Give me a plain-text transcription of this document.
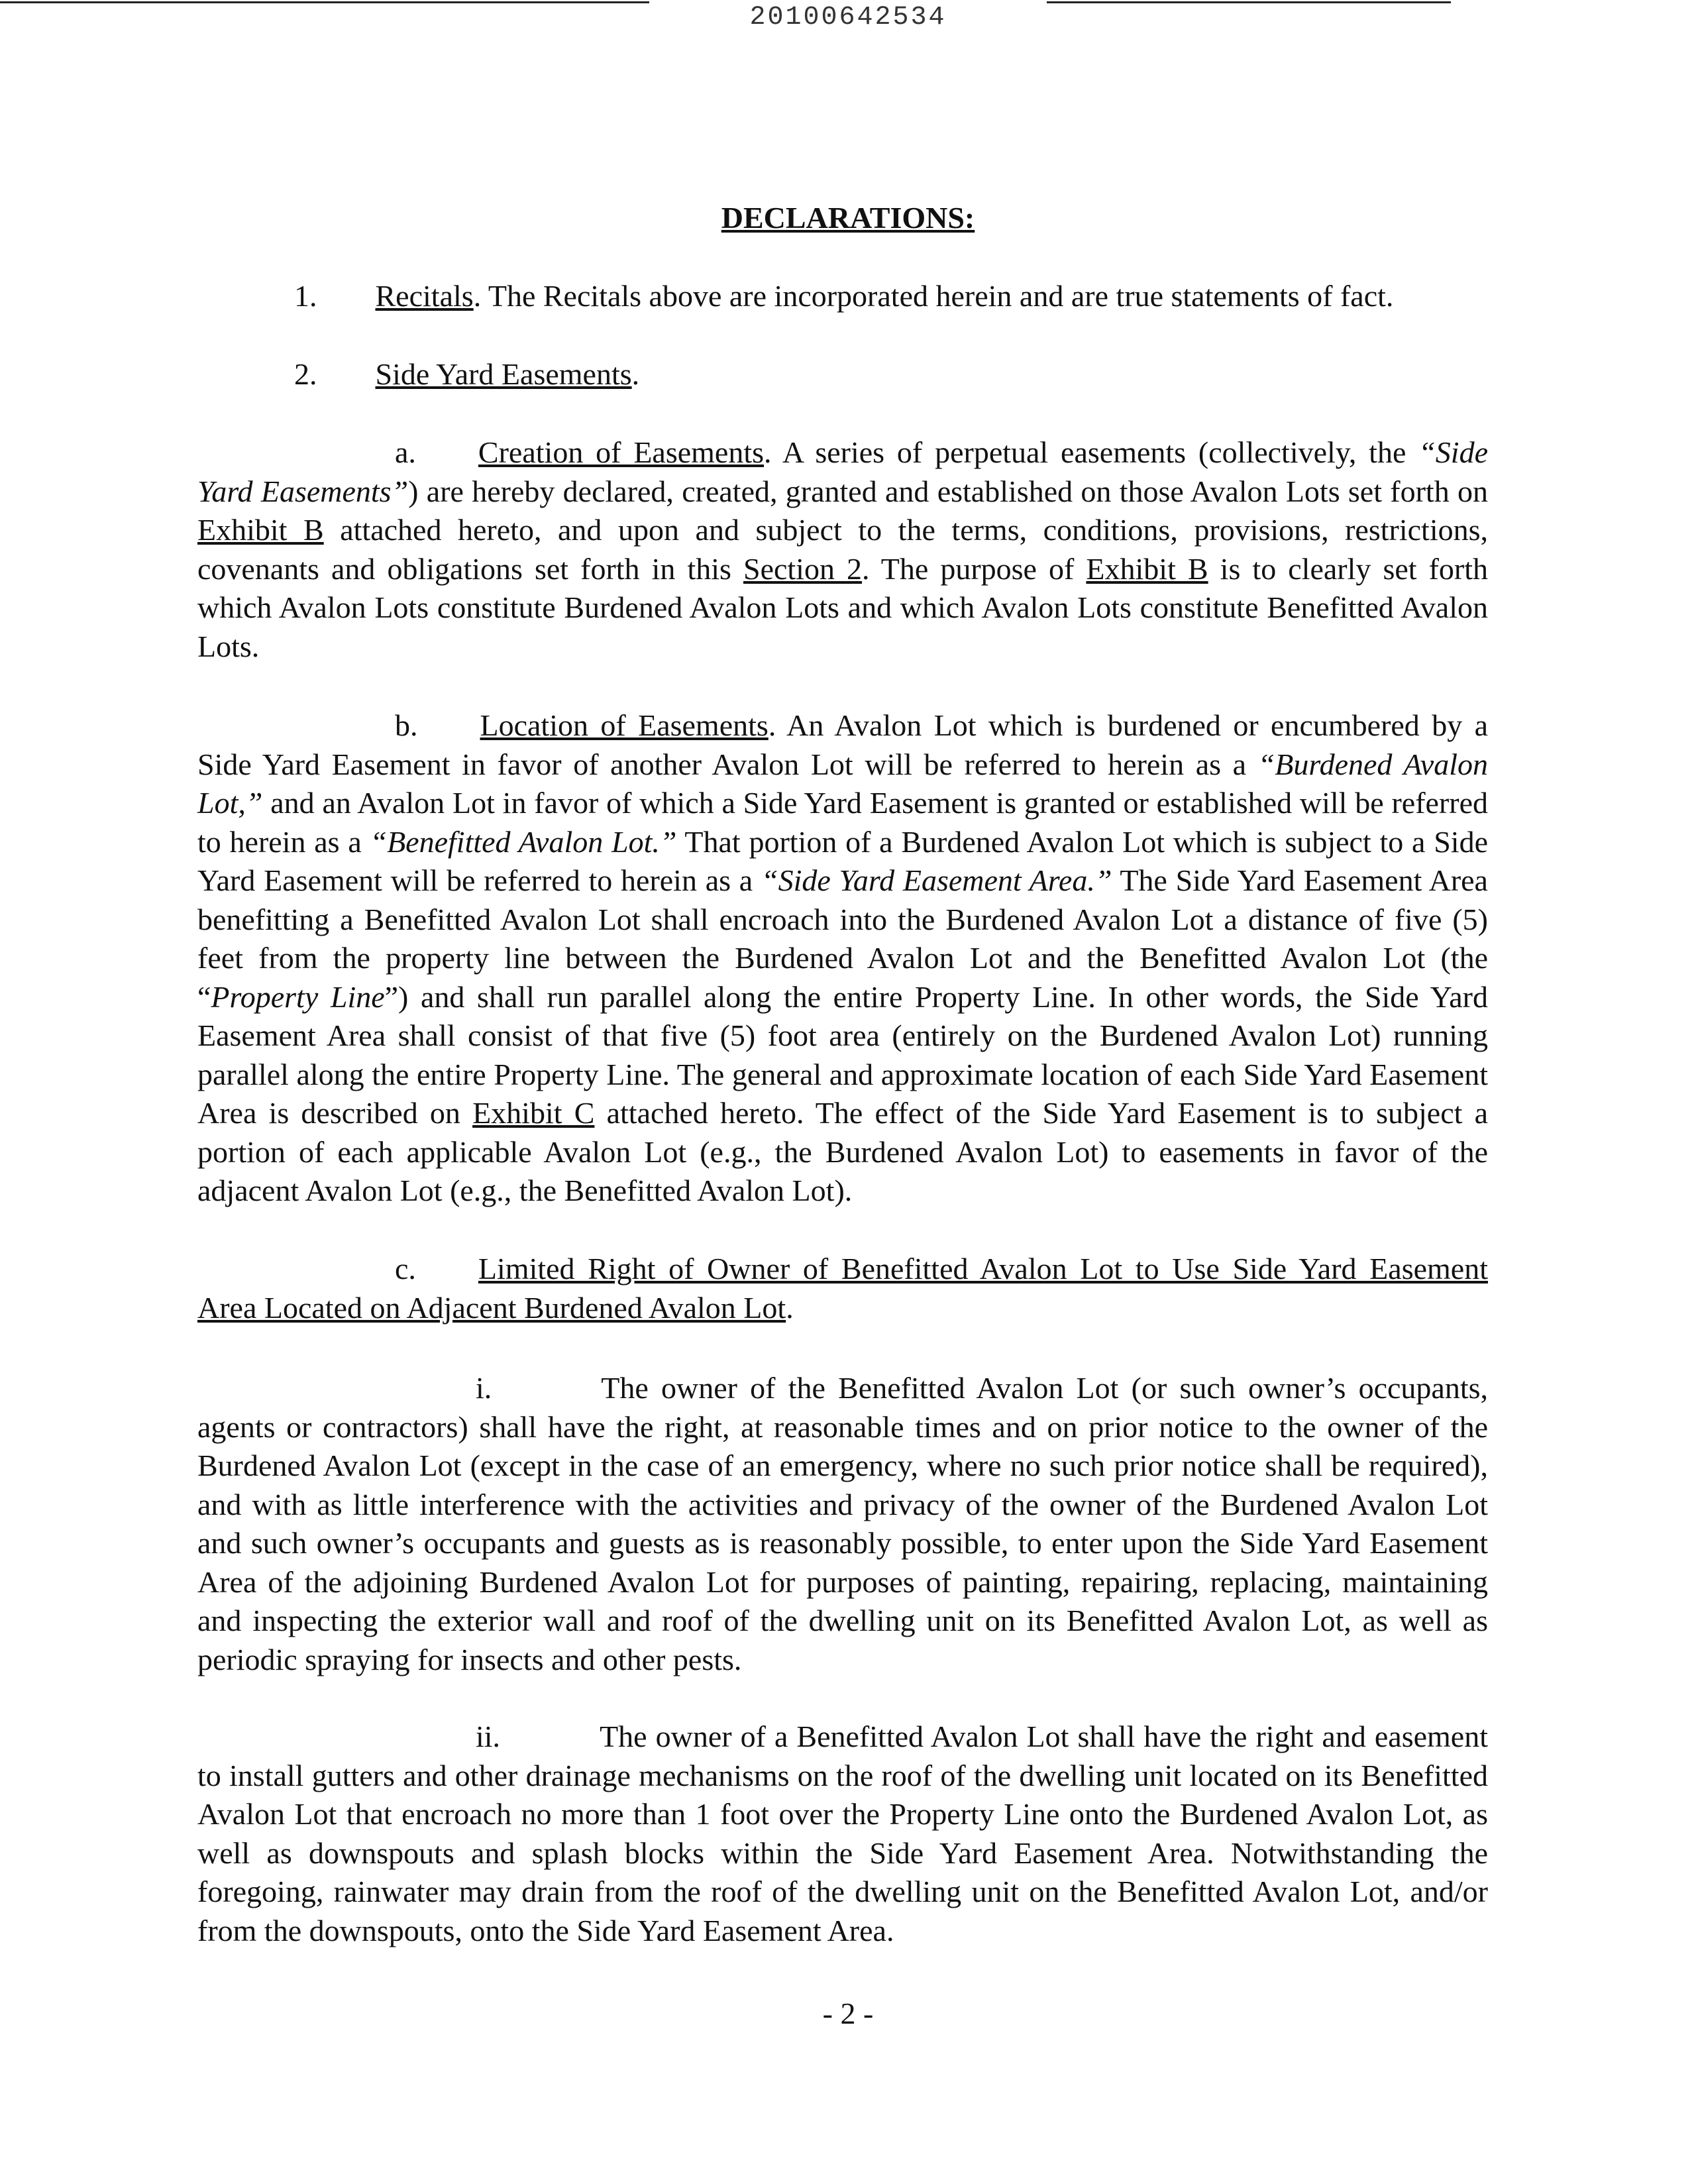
20100642534
DECLARATIONS:
1. Recitals. The Recitals above are incorporated herein and are true statements of fact.
2. Side Yard Easements.
a. Creation of Easements. A series of perpetual easements (collectively, the “Side Yard Easements”) are hereby declared, created, granted and established on those Avalon Lots set forth on Exhibit B attached hereto, and upon and subject to the terms, conditions, provisions, restrictions, covenants and obligations set forth in this Section 2. The purpose of Exhibit B is to clearly set forth which Avalon Lots constitute Burdened Avalon Lots and which Avalon Lots constitute Benefitted Avalon Lots.
b. Location of Easements. An Avalon Lot which is burdened or encumbered by a Side Yard Easement in favor of another Avalon Lot will be referred to herein as a “Burdened Avalon Lot,” and an Avalon Lot in favor of which a Side Yard Easement is granted or established will be referred to herein as a “Benefitted Avalon Lot.” That portion of a Burdened Avalon Lot which is subject to a Side Yard Easement will be referred to herein as a “Side Yard Easement Area.” The Side Yard Easement Area benefitting a Benefitted Avalon Lot shall encroach into the Burdened Avalon Lot a distance of five (5) feet from the property line between the Burdened Avalon Lot and the Benefitted Avalon Lot (the “Property Line”) and shall run parallel along the entire Property Line. In other words, the Side Yard Easement Area shall consist of that five (5) foot area (entirely on the Burdened Avalon Lot) running parallel along the entire Property Line. The general and approximate location of each Side Yard Easement Area is described on Exhibit C attached hereto. The effect of the Side Yard Easement is to subject a portion of each applicable Avalon Lot (e.g., the Burdened Avalon Lot) to easements in favor of the adjacent Avalon Lot (e.g., the Benefitted Avalon Lot).
c. Limited Right of Owner of Benefitted Avalon Lot to Use Side Yard Easement Area Located on Adjacent Burdened Avalon Lot.
i.	The owner of the Benefitted Avalon Lot (or such owner’s occupants, agents or contractors) shall have the right, at reasonable times and on prior notice to the owner of the Burdened Avalon Lot (except in the case of an emergency, where no such prior notice shall be required), and with as little interference with the activities and privacy of the owner of the Burdened Avalon Lot and such owner’s occupants and guests as is reasonably possible, to enter upon the Side Yard Easement Area of the adjoining Burdened Avalon Lot for purposes of painting, repairing, replacing, maintaining and inspecting the exterior wall and roof of the dwelling unit on its Benefitted Avalon Lot, as well as periodic spraying for insects and other pests.
ii.	The owner of a Benefitted Avalon Lot shall have the right and easement to install gutters and other drainage mechanisms on the roof of the dwelling unit located on its Benefitted Avalon Lot that encroach no more than 1 foot over the Property Line onto the Burdened Avalon Lot, as well as downspouts and splash blocks within the Side Yard Easement Area. Notwithstanding the foregoing, rainwater may drain from the roof of the dwelling unit on the Benefitted Avalon Lot, and/or from the downspouts, onto the Side Yard Easement Area.
- 2 -
